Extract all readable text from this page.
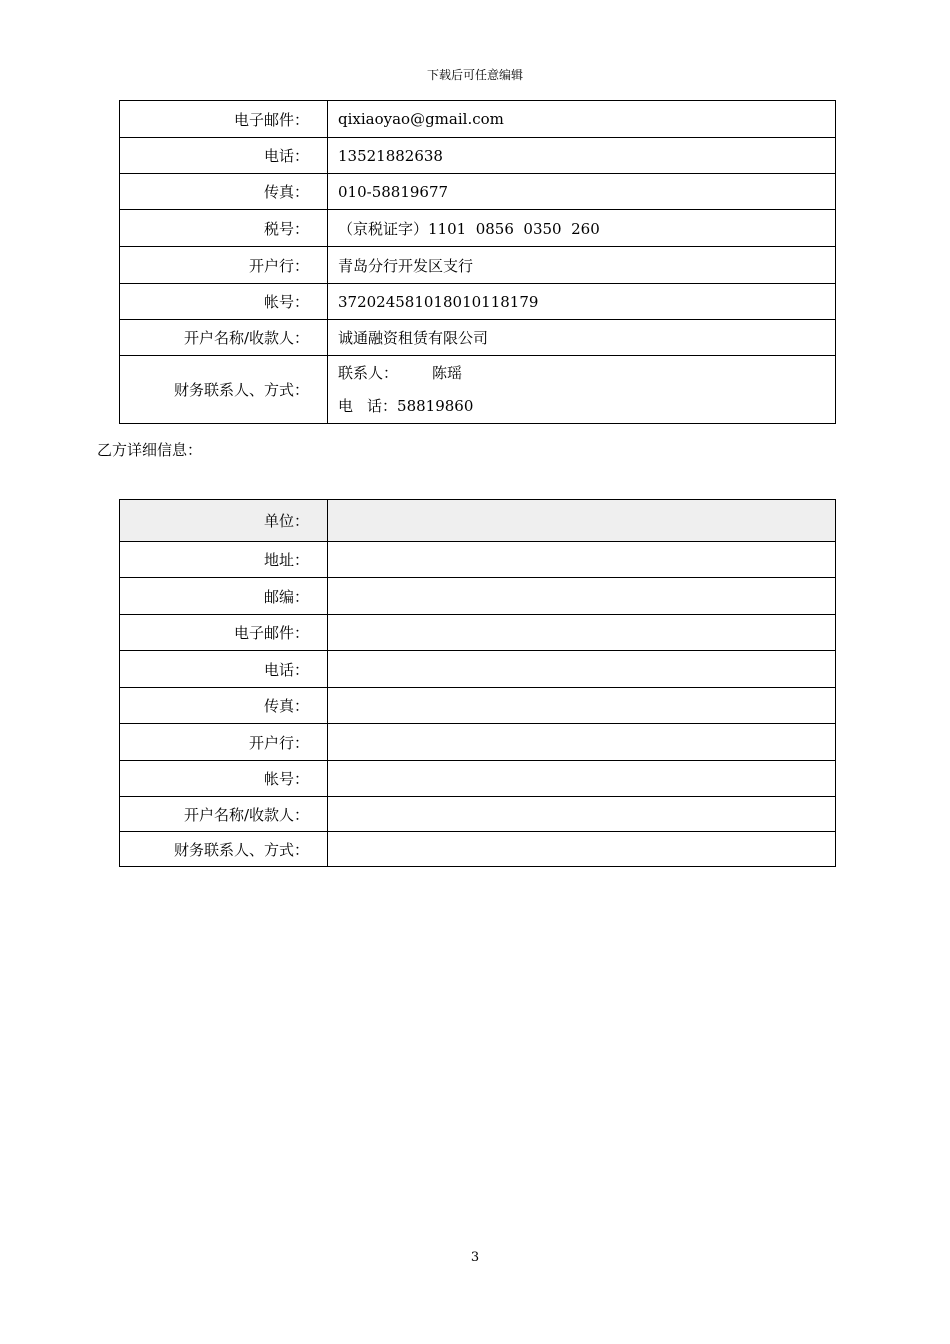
下载后可任意编辑
电子邮件：	qixiaoyao@gmail.com
电话：	13521882638
传真：	010-58819677
税号：	（京税证字）1101  0856  0350  260
开户行：	青岛分行开发区支行
帐号：	372024581018010118179
开户名称/收款人：	诚通融资租赁有限公司
财务联系人、方式：	联系人： 陈瑶
电 话：58819860
乙方详细信息：
单位：	
地址：	
邮编：	
电子邮件：	
电话：	
传真：	
开户行：	
帐号：	
开户名称/收款人：	
财务联系人、方式：	
3
